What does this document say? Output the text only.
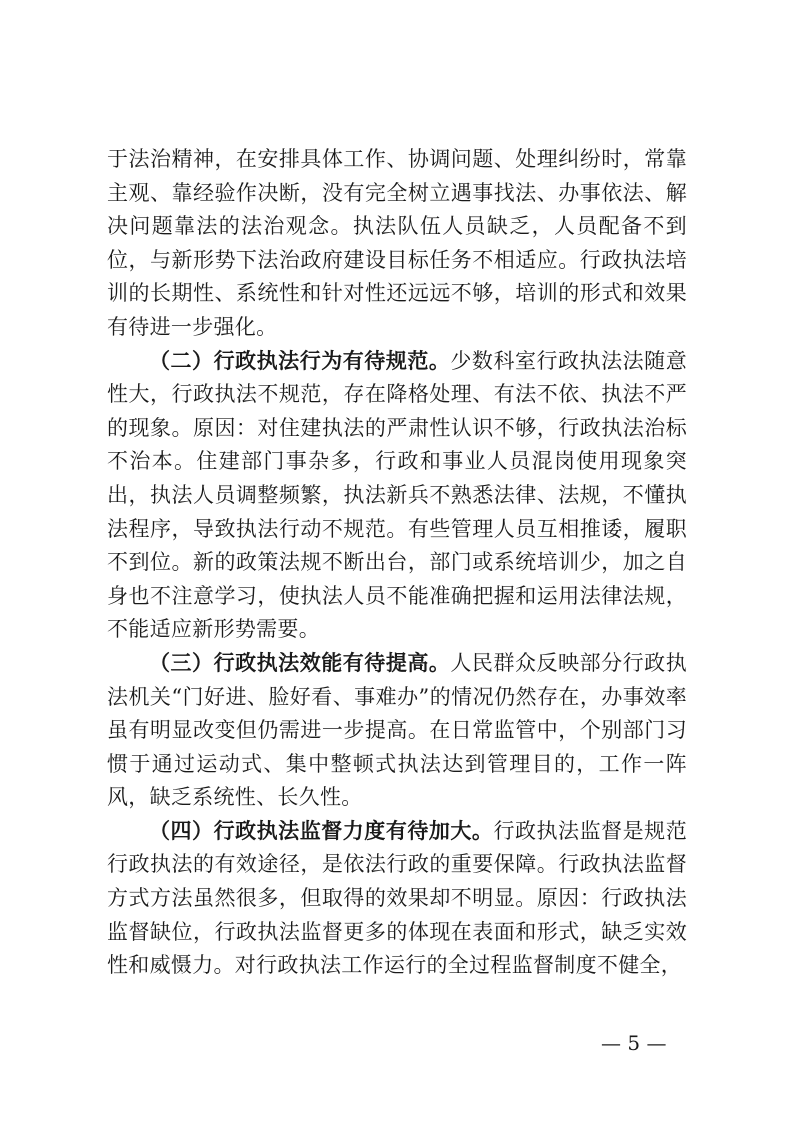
于法治精神，在安排具体工作、协调问题、处理纠纷时，常靠主观、靠经验作决断，没有完全树立遇事找法、办事依法、解决问题靠法的法治观念。执法队伍人员缺乏，人员配备不到位，与新形势下法治政府建设目标任务不相适应。行政执法培训的长期性、系统性和针对性还远远不够，培训的形式和效果有待进一步强化。

（二）行政执法行为有待规范。少数科室行政执法法随意性大，行政执法不规范，存在降格处理、有法不依、执法不严的现象。原因：对住建执法的严肃性认识不够，行政执法治标不治本。住建部门事杂多，行政和事业人员混岗使用现象突出，执法人员调整频繁，执法新兵不熟悉法律、法规，不懂执法程序，导致执法行动不规范。有些管理人员互相推诿，履职不到位。新的政策法规不断出台，部门或系统培训少，加之自身也不注意学习，使执法人员不能准确把握和运用法律法规，不能适应新形势需要。

（三）行政执法效能有待提高。人民群众反映部分行政执法机关“门好进、脸好看、事难办”的情况仍然存在，办事效率虽有明显改变但仍需进一步提高。在日常监管中，个别部门习惯于通过运动式、集中整顿式执法达到管理目的，工作一阵风，缺乏系统性、长久性。

（四）行政执法监督力度有待加大。行政执法监督是规范行政执法的有效途径，是依法行政的重要保障。行政执法监督方式方法虽然很多，但取得的效果却不明显。原因：行政执法监督缺位，行政执法监督更多的体现在表面和形式，缺乏实效性和威慑力。对行政执法工作运行的全过程监督制度不健全，

— 5 —
